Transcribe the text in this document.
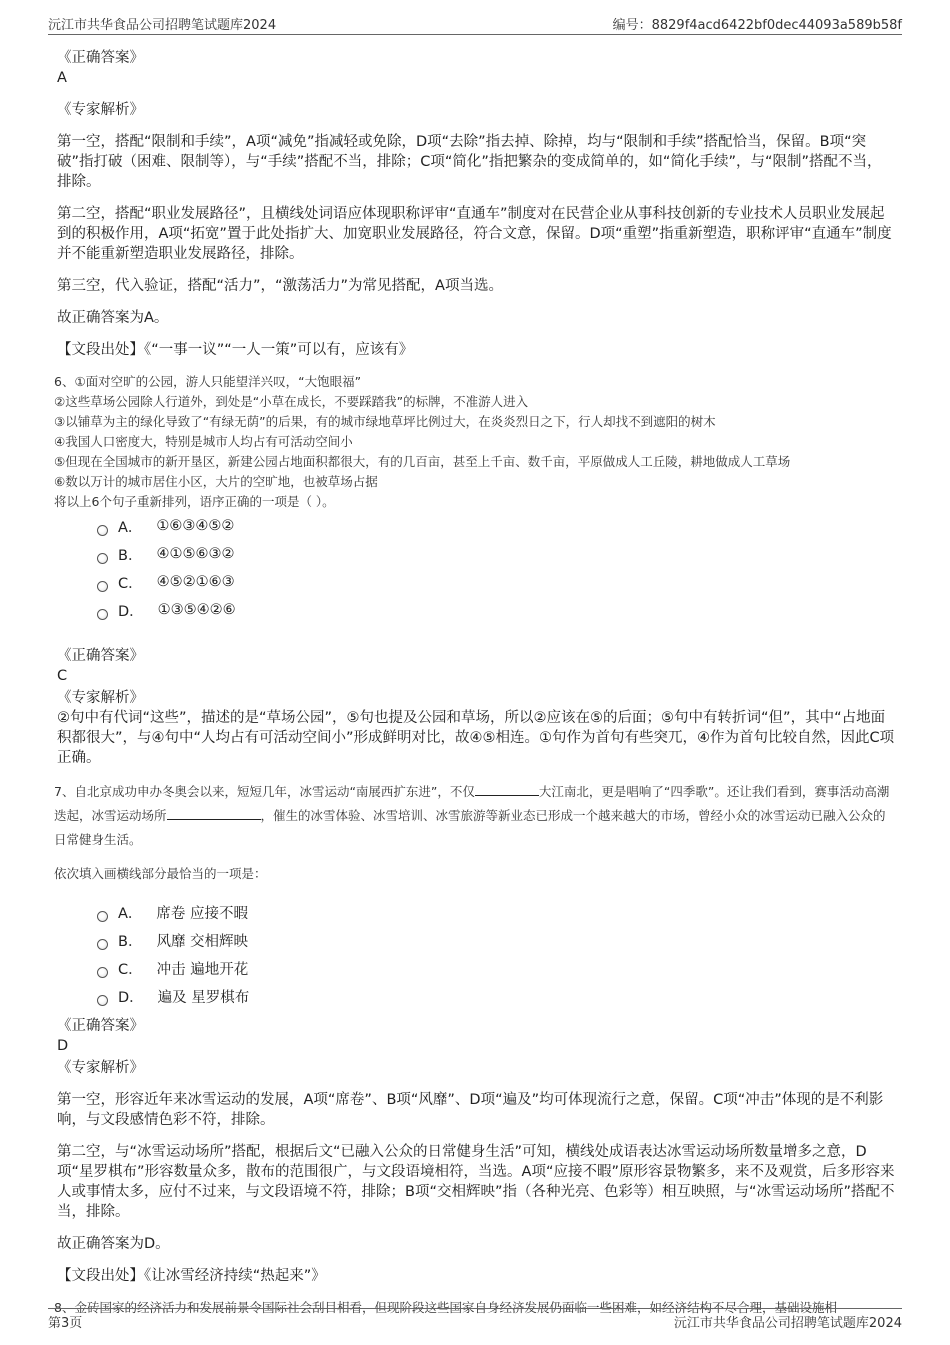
沅江市共华食品公司招聘笔试题库2024	编号：8829f4acd6422bf0dec44093a589b58f

《正确答案》

A

《专家解析》

第一空，搭配“限制和手续”，A项“减免”指减轻或免除，D项“去除”指去掉、除掉，均与“限制和手续”搭配恰当，保留。B项“突破”指打破（困难、限制等），与“手续”搭配不当，排除；C项“简化”指把繁杂的变成简单的，如“简化手续”，与“限制”搭配不当，排除。

第二空，搭配“职业发展路径”，且横线处词语应体现职称评审“直通车”制度对在民营企业从事科技创新的专业技术人员职业发展起到的积极作用，A项“拓宽”置于此处指扩大、加宽职业发展路径，符合文意，保留。D项“重塑”指重新塑造，职称评审“直通车”制度并不能重新塑造职业发展路径，排除。

第三空，代入验证，搭配“活力”，“激荡活力”为常见搭配，A项当选。

故正确答案为A。

【文段出处】《“一事一议”“一人一策”可以有，应该有》

6、①面对空旷的公园，游人只能望洋兴叹，“大饱眼福”

②这些草场公园除人行道外，到处是“小草在成长，不要踩踏我”的标牌，不准游人进入

③以铺草为主的绿化导致了“有绿无荫”的后果，有的城市绿地草坪比例过大，在炎炎烈日之下，行人却找不到遮阳的树木

④我国人口密度大，特别是城市人均占有可活动空间小

⑤但现在全国城市的新开垦区，新建公园占地面积都很大，有的几百亩，甚至上千亩、数千亩，平原做成人工丘陵，耕地做成人工草场

⑥数以万计的城市居住小区，大片的空旷地，也被草场占据

将以上6个句子重新排列，语序正确的一项是（ ）。

A． ①⑥③④⑤②
B． ④①⑤⑥③②
C． ④⑤②①⑥③
D． ①③⑤④②⑥

《正确答案》

C

《专家解析》

②句中有代词“这些”，描述的是“草场公园”，⑤句也提及公园和草场，所以②应该在⑤的后面；⑤句中有转折词“但”，其中“占地面积都很大”，与④句中“人均占有可活动空间小”形成鲜明对比，故④⑤相连。①句作为首句有些突兀，④作为首句比较自然，因此C项正确。

7、自北京成功申办冬奥会以来，短短几年，冰雪运动“南展西扩东进”，不仅	大江南北，更是唱响了“四季歌”。还让我们看到，赛事活动高潮迭起，冰雪运动场所	，催生的冰雪体验、冰雪培训、冰雪旅游等新业态已形成一个越来越大的市场，曾经小众的冰雪运动已融入公众的日常健身生活。

依次填入画横线部分最恰当的一项是：

A． 席卷 应接不暇
B． 风靡 交相辉映
C． 冲击 遍地开花
D． 遍及 星罗棋布

《正确答案》

D

《专家解析》

第一空，形容近年来冰雪运动的发展，A项“席卷”、B项“风靡”、D项“遍及”均可体现流行之意，保留。C项“冲击”体现的是不利影响，与文段感情色彩不符，排除。

第二空，与“冰雪运动场所”搭配，根据后文“已融入公众的日常健身生活”可知，横线处成语表达冰雪运动场所数量增多之意，D项“星罗棋布”形容数量众多，散布的范围很广，与文段语境相符，当选。A项“应接不暇”原形容景物繁多，来不及观赏，后多形容来人或事情太多，应付不过来，与文段语境不符，排除；B项“交相辉映”指（各种光亮、色彩等）相互映照，与“冰雪运动场所”搭配不当，排除。

故正确答案为D。

【文段出处】《让冰雪经济持续“热起来”》

8、金砖国家的经济活力和发展前景令国际社会刮目相看，但现阶段这些国家自身经济发展仍面临一些困难，如经济结构不尽合理，基础设施相

第3页	沅江市共华食品公司招聘笔试题库2024
